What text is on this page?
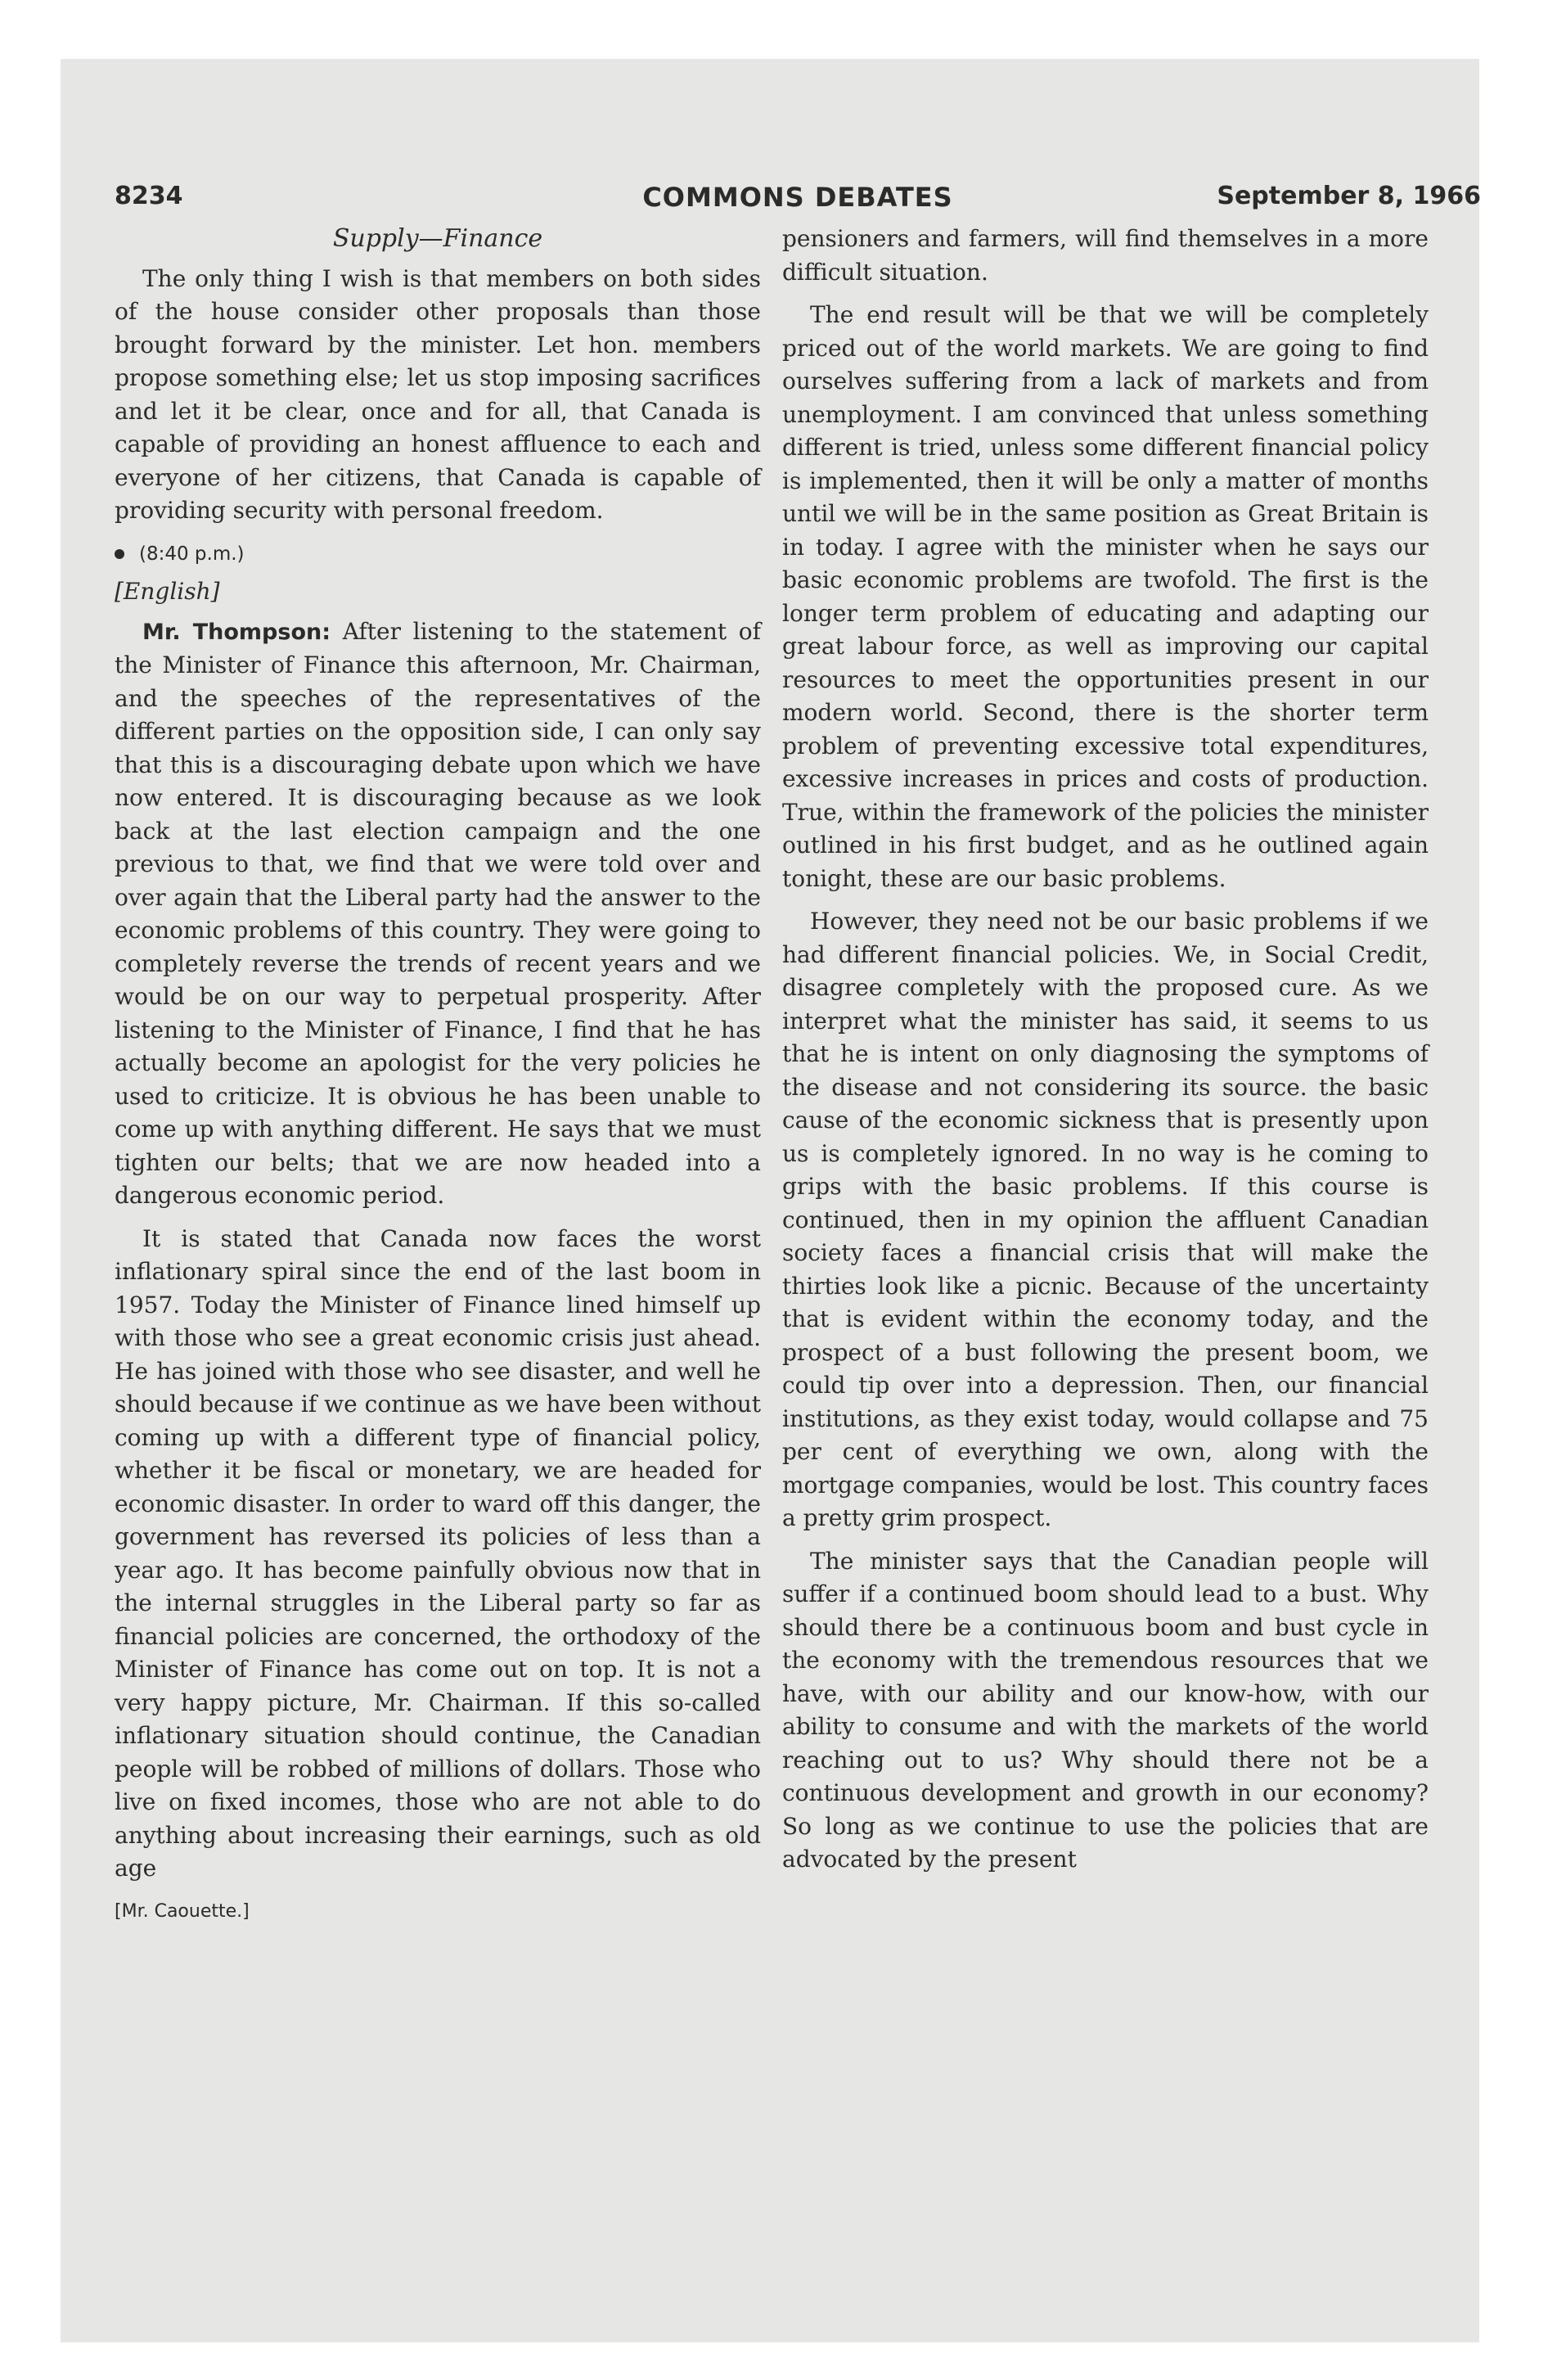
8234	COMMONS DEBATES	September 8, 1966
Supply—Finance

The only thing I wish is that members on both sides of the house consider other proposals than those brought forward by the minister. Let hon. members propose something else; let us stop imposing sacrifices and let it be clear, once and for all, that Canada is capable of providing an honest affluence to each and everyone of her citizens, that Canada is capable of providing security with personal freedom.

(8:40 p.m.)
[English]

Mr. Thompson: After listening to the statement of the Minister of Finance this afternoon, Mr. Chairman, and the speeches of the representatives of the different parties on the opposition side, I can only say that this is a discouraging debate upon which we have now entered. It is discouraging because as we look back at the last election campaign and the one previous to that, we find that we were told over and over again that the Liberal party had the answer to the economic problems of this country. They were going to completely reverse the trends of recent years and we would be on our way to perpetual prosperity. After listening to the Minister of Finance, I find that he has actually become an apologist for the very policies he used to criticize. It is obvious he has been unable to come up with anything different. He says that we must tighten our belts; that we are now headed into a dangerous economic period.

It is stated that Canada now faces the worst inflationary spiral since the end of the last boom in 1957. Today the Minister of Finance lined himself up with those who see a great economic crisis just ahead. He has joined with those who see disaster, and well he should because if we continue as we have been without coming up with a different type of financial policy, whether it be fiscal or monetary, we are headed for economic disaster. In order to ward off this danger, the government has reversed its policies of less than a year ago. It has become painfully obvious now that in the internal struggles in the Liberal party so far as financial policies are concerned, the orthodoxy of the Minister of Finance has come out on top. It is not a very happy picture, Mr. Chairman. If this so-called inflationary situation should continue, the Canadian people will be robbed of millions of dollars. Those who live on fixed incomes, those who are not able to do anything about increasing their earnings, such as old age

[Mr. Caouette.]

pensioners and farmers, will find themselves in a more difficult situation.

The end result will be that we will be completely priced out of the world markets. We are going to find ourselves suffering from a lack of markets and from unemployment. I am convinced that unless something different is tried, unless some different financial policy is implemented, then it will be only a matter of months until we will be in the same position as Great Britain is in today. I agree with the minister when he says our basic economic problems are twofold. The first is the longer term problem of educating and adapting our great labour force, as well as improving our capital resources to meet the opportunities present in our modern world. Second, there is the shorter term problem of preventing excessive total expenditures, excessive increases in prices and costs of production. True, within the framework of the policies the minister outlined in his first budget, and as he outlined again tonight, these are our basic problems.

However, they need not be our basic problems if we had different financial policies. We, in Social Credit, disagree completely with the proposed cure. As we interpret what the minister has said, it seems to us that he is intent on only diagnosing the symptoms of the disease and not considering its source. the basic cause of the economic sickness that is presently upon us is completely ignored. In no way is he coming to grips with the basic problems. If this course is continued, then in my opinion the affluent Canadian society faces a financial crisis that will make the thirties look like a picnic. Because of the uncertainty that is evident within the economy today, and the prospect of a bust following the present boom, we could tip over into a depression. Then, our financial institutions, as they exist today, would collapse and 75 per cent of everything we own, along with the mortgage companies, would be lost. This country faces a pretty grim prospect.

The minister says that the Canadian people will suffer if a continued boom should lead to a bust. Why should there be a continuous boom and bust cycle in the economy with the tremendous resources that we have, with our ability and our know-how, with our ability to consume and with the markets of the world reaching out to us? Why should there not be a continuous development and growth in our economy? So long as we continue to use the policies that are advocated by the present
